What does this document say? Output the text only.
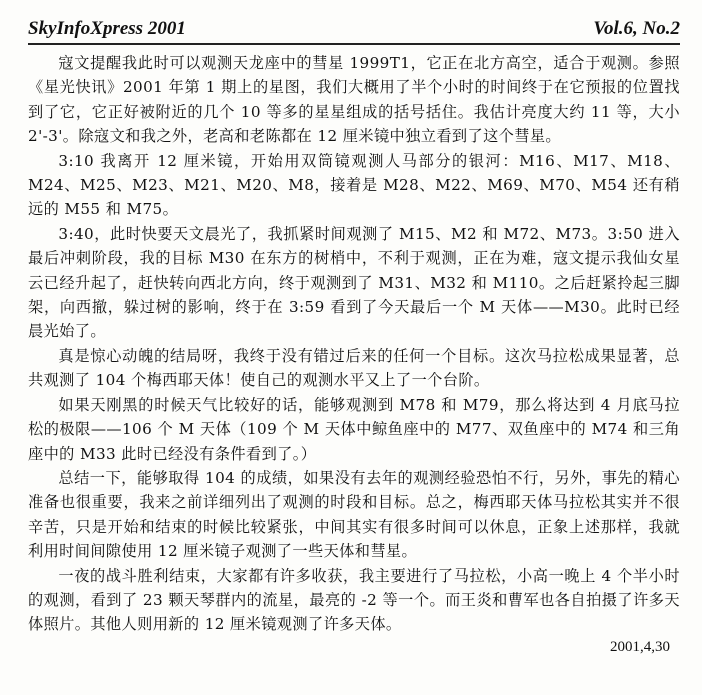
SkyInfoXpress 2001	Vol.6, No.2

寇文提醒我此时可以观测天龙座中的彗星 1999T1，它正在北方高空，适合于观测。参照《星光快讯》2001 年第 1 期上的星图，我们大概用了半个小时的时间终于在它预报的位置找到了它，它正好被附近的几个 10 等多的星星组成的括号括住。我估计亮度大约 11 等，大小 2'-3'。除寇文和我之外，老高和老陈都在 12 厘米镜中独立看到了这个彗星。

3:10 我离开 12 厘米镜，开始用双筒镜观测人马部分的银河：M16、M17、M18、M24、M25、M23、M21、M20、M8，接着是 M28、M22、M69、M70、M54 还有稍远的 M55 和 M75。

3:40，此时快要天文晨光了，我抓紧时间观测了 M15、M2 和 M72、M73。3:50 进入最后冲刺阶段，我的目标 M30 在东方的树梢中，不利于观测，正在为难，寇文提示我仙女星云已经升起了，赶快转向西北方向，终于观测到了 M31、M32 和 M110。之后赶紧拎起三脚架，向西撤，躲过树的影响，终于在 3:59 看到了今天最后一个 M 天体——M30。此时已经晨光始了。

真是惊心动魄的结局呀，我终于没有错过后来的任何一个目标。这次马拉松成果显著，总共观测了 104 个梅西耶天体！使自己的观测水平又上了一个台阶。

如果天刚黑的时候天气比较好的话，能够观测到 M78 和 M79，那么将达到 4 月底马拉松的极限——106 个 M 天体（109 个 M 天体中鲸鱼座中的 M77、双鱼座中的 M74 和三角座中的 M33 此时已经没有条件看到了。）

总结一下，能够取得 104 的成绩，如果没有去年的观测经验恐怕不行，另外，事先的精心准备也很重要，我来之前详细列出了观测的时段和目标。总之，梅西耶天体马拉松其实并不很辛苦，只是开始和结束的时候比较紧张，中间其实有很多时间可以休息，正象上述那样，我就利用时间间隙使用 12 厘米镜子观测了一些天体和彗星。

一夜的战斗胜利结束，大家都有许多收获，我主要进行了马拉松，小高一晚上 4 个半小时的观测，看到了 23 颗天琴群内的流星，最亮的 -2 等一个。而王炎和曹军也各自拍摄了许多天体照片。其他人则用新的 12 厘米镜观测了许多天体。

2001,4,30
